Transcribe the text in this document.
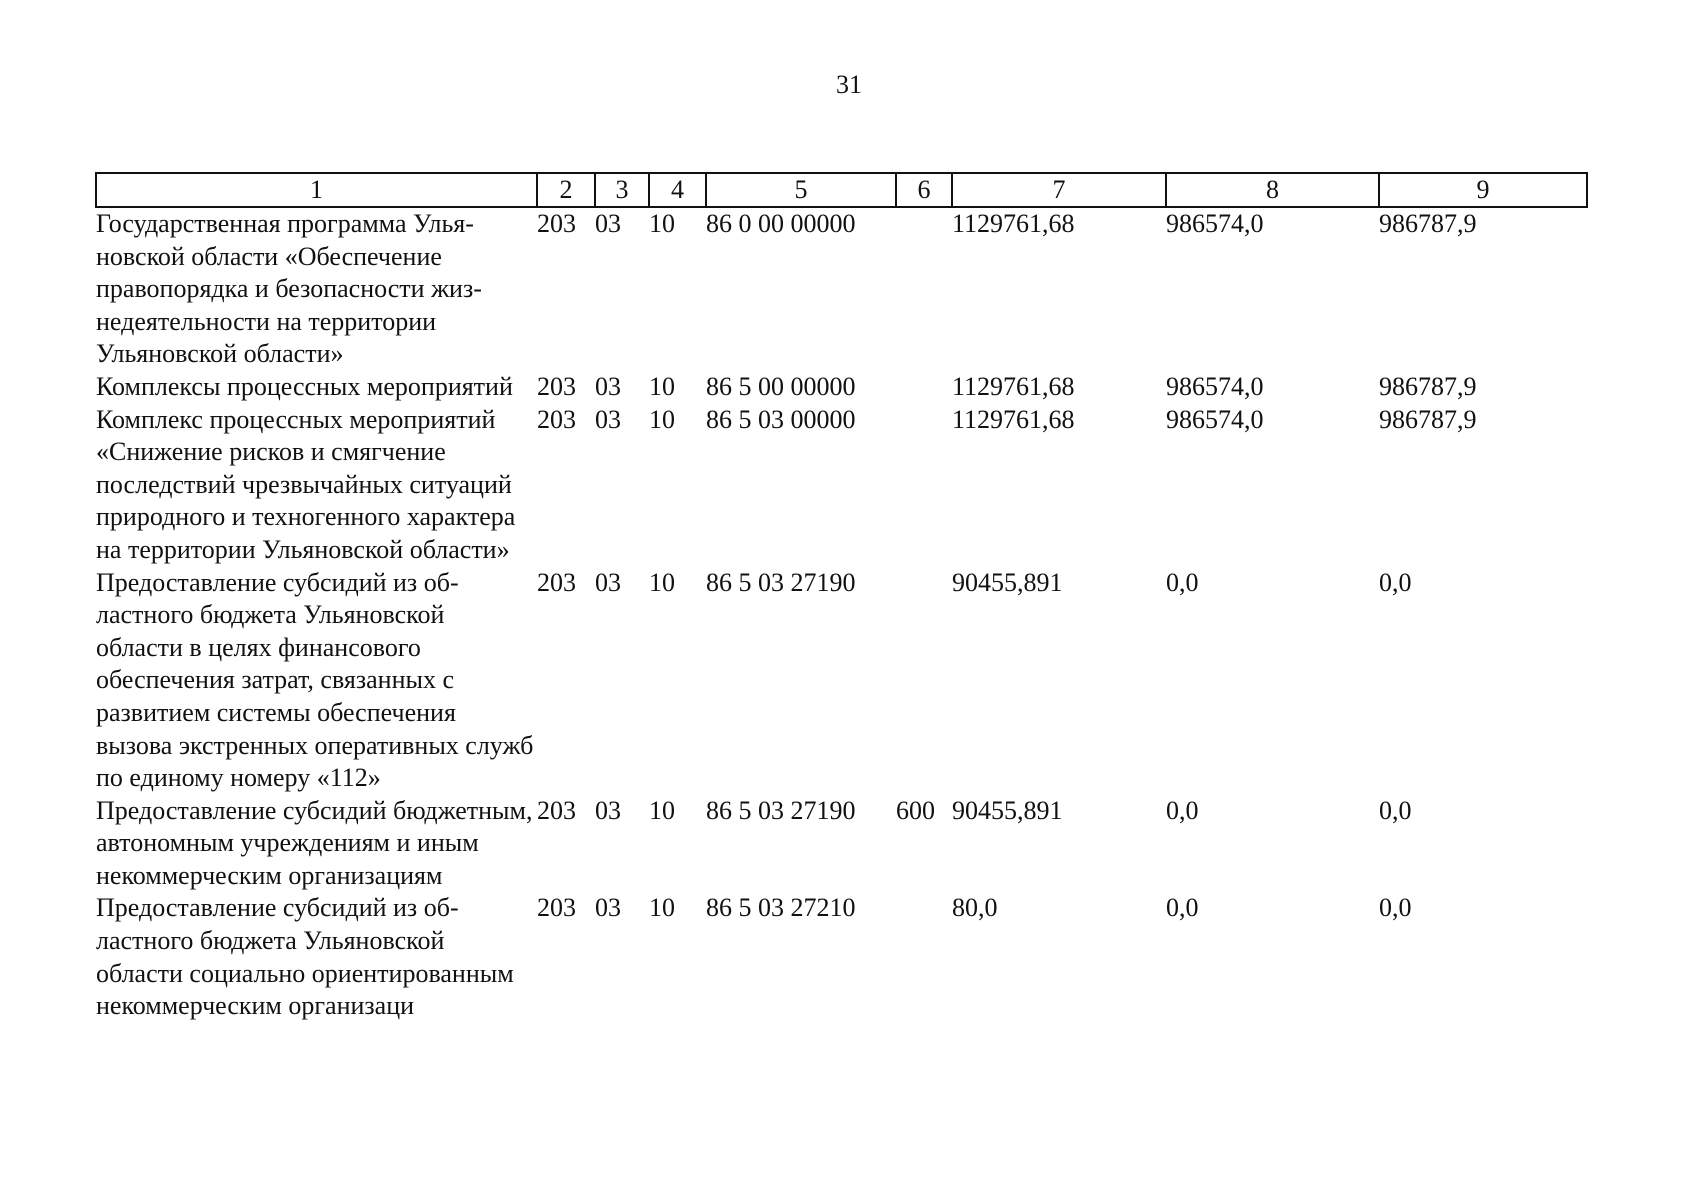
31
1	2	3	4	5	6	7	8	9
Государственная программа Ульяновской области «Обеспечение правопорядка и безопасности жизнедеятельности на территории Ульяновской области»	203	03	10	86 0 00 00000		1129761,68	986574,0	986787,9
Комплексы процессных мероприятий	203	03	10	86 5 00 00000		1129761,68	986574,0	986787,9
Комплекс процессных мероприятий «Снижение рисков и смягчение последствий чрезвычайных ситуаций природного и техногенного характера на территории Ульяновской области»	203	03	10	86 5 03 00000		1129761,68	986574,0	986787,9
Предоставление субсидий из областного бюджета Ульяновской области в целях финансового обеспечения затрат, связанных с развитием системы обеспечения вызова экстренных оперативных служб по единому номеру «112»	203	03	10	86 5 03 27190		90455,891	0,0	0,0
Предоставление субсидий бюджетным, автономным учреждениям и иным некоммерческим организациям	203	03	10	86 5 03 27190	600	90455,891	0,0	0,0
Предоставление субсидий из областного бюджета Ульяновской области социально ориентированным некоммерческим организаци	203	03	10	86 5 03 27210		80,0	0,0	0,0
